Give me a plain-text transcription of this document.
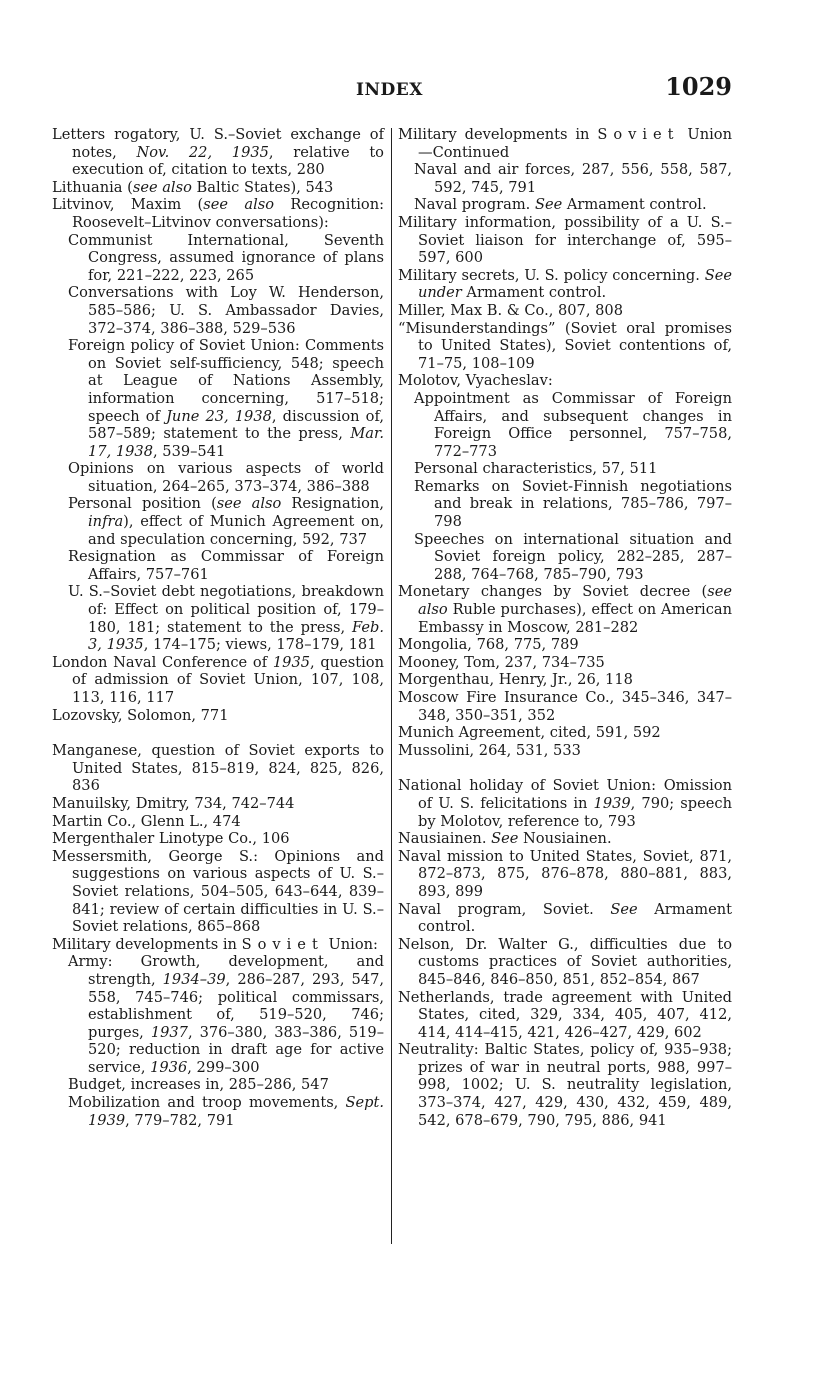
INDEX	1029
Letters rogatory, U. S.–Soviet exchange of notes, Nov. 22, 1935, relative to execution of, citation to texts, 280
Lithuania (see also Baltic States), 543
Litvinov, Maxim (see also Recognition: Roosevelt–Litvinov conversations):
Communist International, Seventh Congress, assumed ignorance of plans for, 221–222, 223, 265
Conversations with Loy W. Henderson, 585–586; U. S. Ambassador Davies, 372–374, 386–388, 529–536
Foreign policy of Soviet Union: Comments on Soviet self-sufficiency, 548; speech at League of Nations Assembly, information concerning, 517–518; speech of June 23, 1938, discussion of, 587–589; statement to the press, Mar. 17, 1938, 539–541
Opinions on various aspects of world situation, 264–265, 373–374, 386–388
Personal position (see also Resignation, infra), effect of Munich Agreement on, and speculation concerning, 592, 737
Resignation as Commissar of Foreign Affairs, 757–761
U. S.–Soviet debt negotiations, breakdown of: Effect on political position of, 179–180, 181; statement to the press, Feb. 3, 1935, 174–175; views, 178–179, 181
London Naval Conference of 1935, question of admission of Soviet Union, 107, 108, 113, 116, 117
Lozovsky, Solomon, 771
Manganese, question of Soviet exports to United States, 815–819, 824, 825, 826, 836
Manuilsky, Dmitry, 734, 742–744
Martin Co., Glenn L., 474
Mergenthaler Linotype Co., 106
Messersmith, George S.: Opinions and suggestions on various aspects of U. S.–Soviet relations, 504–505, 643–644, 839–841; review of certain difficulties in U. S.–Soviet relations, 865–868
Military developments in Soviet Union:
Army: Growth, development, and strength, 1934–39, 286–287, 293, 547, 558, 745–746; political commissars, establishment of, 519–520, 746; purges, 1937, 376–380, 383–386, 519–520; reduction in draft age for active service, 1936, 299–300
Budget, increases in, 285–286, 547
Mobilization and troop movements, Sept. 1939, 779–782, 791
Military developments in Soviet Union—Continued
Naval and air forces, 287, 556, 558, 587, 592, 745, 791
Naval program. See Armament control.
Military information, possibility of a U. S.–Soviet liaison for interchange of, 595–597, 600
Military secrets, U. S. policy concerning. See under Armament control.
Miller, Max B. & Co., 807, 808
“Misunderstandings” (Soviet oral promises to United States), Soviet contentions of, 71–75, 108–109
Molotov, Vyacheslav:
Appointment as Commissar of Foreign Affairs, and subsequent changes in Foreign Office personnel, 757–758, 772–773
Personal characteristics, 57, 511
Remarks on Soviet-Finnish negotiations and break in relations, 785–786, 797–798
Speeches on international situation and Soviet foreign policy, 282–285, 287–288, 764–768, 785–790, 793
Monetary changes by Soviet decree (see also Ruble purchases), effect on American Embassy in Moscow, 281–282
Mongolia, 768, 775, 789
Mooney, Tom, 237, 734–735
Morgenthau, Henry, Jr., 26, 118
Moscow Fire Insurance Co., 345–346, 347–348, 350–351, 352
Munich Agreement, cited, 591, 592
Mussolini, 264, 531, 533
National holiday of Soviet Union: Omission of U. S. felicitations in 1939, 790; speech by Molotov, reference to, 793
Nausiainen. See Nousiainen.
Naval mission to United States, Soviet, 871, 872–873, 875, 876–878, 880–881, 883, 893, 899
Naval program, Soviet. See Armament control.
Nelson, Dr. Walter G., difficulties due to customs practices of Soviet authorities, 845–846, 846–850, 851, 852–854, 867
Netherlands, trade agreement with United States, cited, 329, 334, 405, 407, 412, 414, 414–415, 421, 426–427, 429, 602
Neutrality: Baltic States, policy of, 935–938; prizes of war in neutral ports, 988, 997–998, 1002; U. S. neutrality legislation, 373–374, 427, 429, 430, 432, 459, 489, 542, 678–679, 790, 795, 886, 941
